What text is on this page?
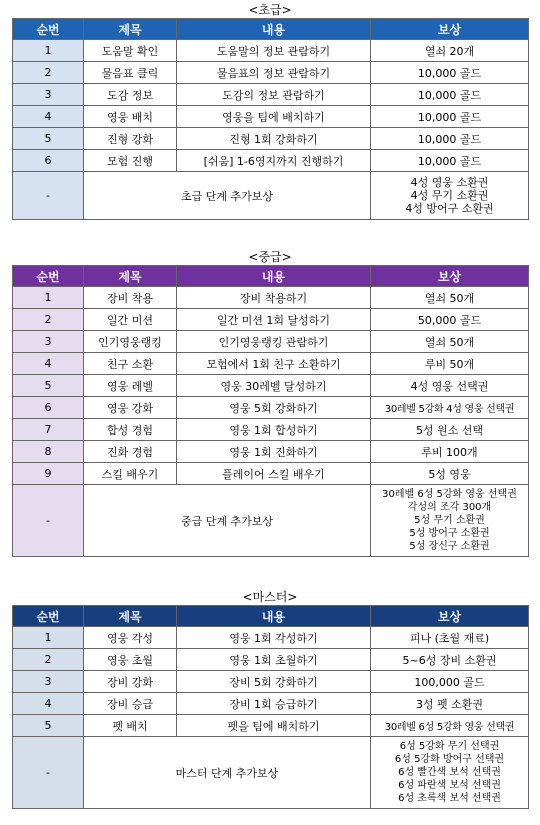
<초급>
순번	제목	내용	보상
1	도움말 확인	도움말의 정보 관람하기	열쇠 20개
2	물음표 클릭	물음표의 정보 관람하기	10,000 골드
3	도감 정보	도감의 정보 관람하기	10,000 골드
4	영웅 배치	영웅을 팀에 배치하기	10,000 골드
5	진형 강화	진형 1회 강화하기	10,000 골드
6	모험 진행	[쉬움] 1-6영지까지 진행하기	10,000 골드
-	초급 단계 추가보상		4성 영웅 소환권
4성 무기 소환권
4성 방어구 소환권
<중급>
순번	제목	내용	보상
1	장비 착용	장비 착용하기	열쇠 50개
2	일간 미션	일간 미션 1회 달성하기	50,000 골드
3	인기영웅랭킹	인기영웅랭킹 관람하기	열쇠 50개
4	친구 소환	모험에서 1회 친구 소환하기	루비 50개
5	영웅 레벨	영웅 30레벨 달성하기	4성 영웅 선택권
6	영웅 강화	영웅 5회 강화하기	30레벨 5강화 4성 영웅 선택권
7	합성 경험	영웅 1회 합성하기	5성 원소 선택
8	진화 경험	영웅 1회 진화하기	루비 100개
9	스킬 배우기	플레이어 스킬 배우기	5성 영웅
-	중급 단계 추가보상		30레벨 6성 5강화 영웅 선택권
각성의 조각 300개
5성 무기 소환권
5성 방어구 소환권
5성 장신구 소환권
<마스터>
순번	제목	내용	보상
1	영웅 각성	영웅 1회 각성하기	피나 (초월 재료)
2	영웅 초월	영웅 1회 초월하기	5~6성 장비 소환권
3	장비 강화	장비 5회 강화하기	100,000 골드
4	장비 승급	장비 1회 승급하기	3성 펫 소환권
5	펫 배치	펫을 팀에 배치하기	30레벨 6성 5강화 영웅 선택권
-	마스터 단계 추가보상		6성 5강화 무기 선택권
6성 5강화 방어구 선택권
6성 빨간색 보석 선택권
6성 파란색 보석 선택권
6성 초록색 보석 선택권
